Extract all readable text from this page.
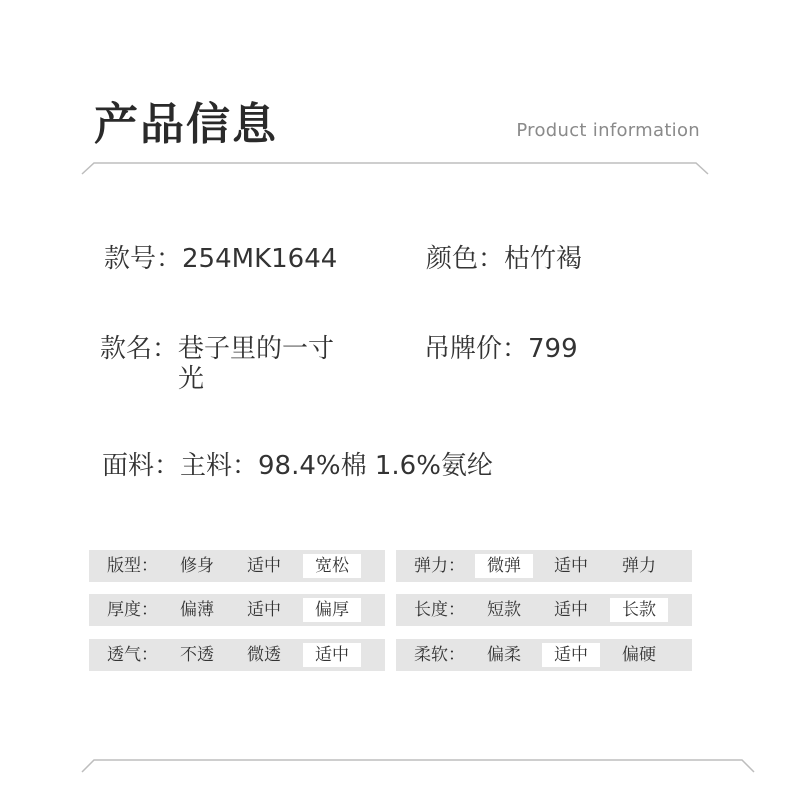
产品信息	Product information
款号：254MK1644	颜色：枯竹褐
款名：巷子里的一寸光
吊牌价：799
面料：主料：98.4%棉 1.6%氨纶
版型：	修身	适中	宽松	弹力：	微弹	适中	弹力
厚度：	偏薄	适中	偏厚	长度：	短款	适中	长款
透气：	不透	微透	适中	柔软：	偏柔	适中	偏硬
